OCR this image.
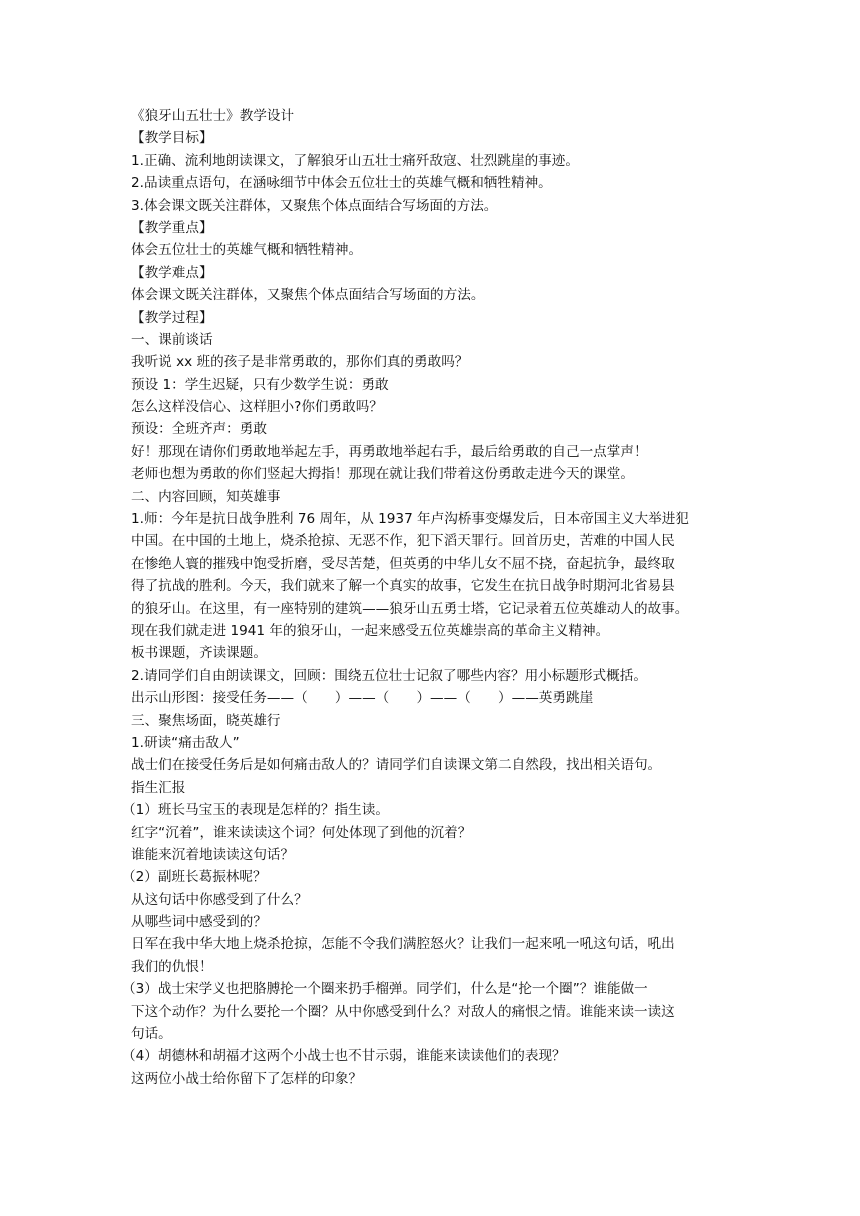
《狼牙山五壮士》教学设计
【教学目标】
1.正确、流利地朗读课文，了解狼牙山五壮士痛歼敌寇、壮烈跳崖的事迹。
2.品读重点语句，在涵咏细节中体会五位壮士的英雄气概和牺牲精神。
3.体会课文既关注群体，又聚焦个体点面结合写场面的方法。
【教学重点】
体会五位壮士的英雄气概和牺牲精神。
【教学难点】
体会课文既关注群体，又聚焦个体点面结合写场面的方法。
【教学过程】
一、课前谈话
我听说 xx 班的孩子是非常勇敢的，那你们真的勇敢吗？
预设 1：学生迟疑，只有少数学生说：勇敢
怎么这样没信心、这样胆小?你们勇敢吗？
预设：全班齐声：勇敢
好！那现在请你们勇敢地举起左手，再勇敢地举起右手，最后给勇敢的自己一点掌声！
老师也想为勇敢的你们竖起大拇指！那现在就让我们带着这份勇敢走进今天的课堂。
二、内容回顾，知英雄事
1.师：今年是抗日战争胜利 76 周年，从 1937 年卢沟桥事变爆发后，日本帝国主义大举进犯
中国。在中国的土地上，烧杀抢掠、无恶不作，犯下滔天罪行。回首历史，苦难的中国人民
在惨绝人寰的摧残中饱受折磨，受尽苦楚，但英勇的中华儿女不屈不挠，奋起抗争，最终取
得了抗战的胜利。今天，我们就来了解一个真实的故事，它发生在抗日战争时期河北省易县
的狼牙山。在这里，有一座特别的建筑——狼牙山五勇士塔，它记录着五位英雄动人的故事。
现在我们就走进 1941 年的狼牙山，一起来感受五位英雄崇高的革命主义精神。
板书课题，齐读课题。
2.请同学们自由朗读课文，回顾：围绕五位壮士记叙了哪些内容？用小标题形式概括。
出示山形图：接受任务——（　　）——（　　）——（　　）——英勇跳崖
三、聚焦场面，晓英雄行
1.研读“痛击敌人”
战士们在接受任务后是如何痛击敌人的？请同学们自读课文第二自然段，找出相关语句。
指生汇报
（1）班长马宝玉的表现是怎样的？指生读。
红字“沉着”，谁来读读这个词？何处体现了到他的沉着？
谁能来沉着地读读这句话？
（2）副班长葛振林呢？
从这句话中你感受到了什么？
从哪些词中感受到的？
日军在我中华大地上烧杀抢掠，怎能不令我们满腔怒火？让我们一起来吼一吼这句话，吼出
我们的仇恨！
（3）战士宋学义也把胳膊抡一个圈来扔手榴弹。同学们，什么是“抡一个圈”？谁能做一
下这个动作？为什么要抡一个圈？从中你感受到什么？对敌人的痛恨之情。谁能来读一读这
句话。
（4）胡德林和胡福才这两个小战士也不甘示弱，谁能来读读他们的表现？
这两位小战士给你留下了怎样的印象？
